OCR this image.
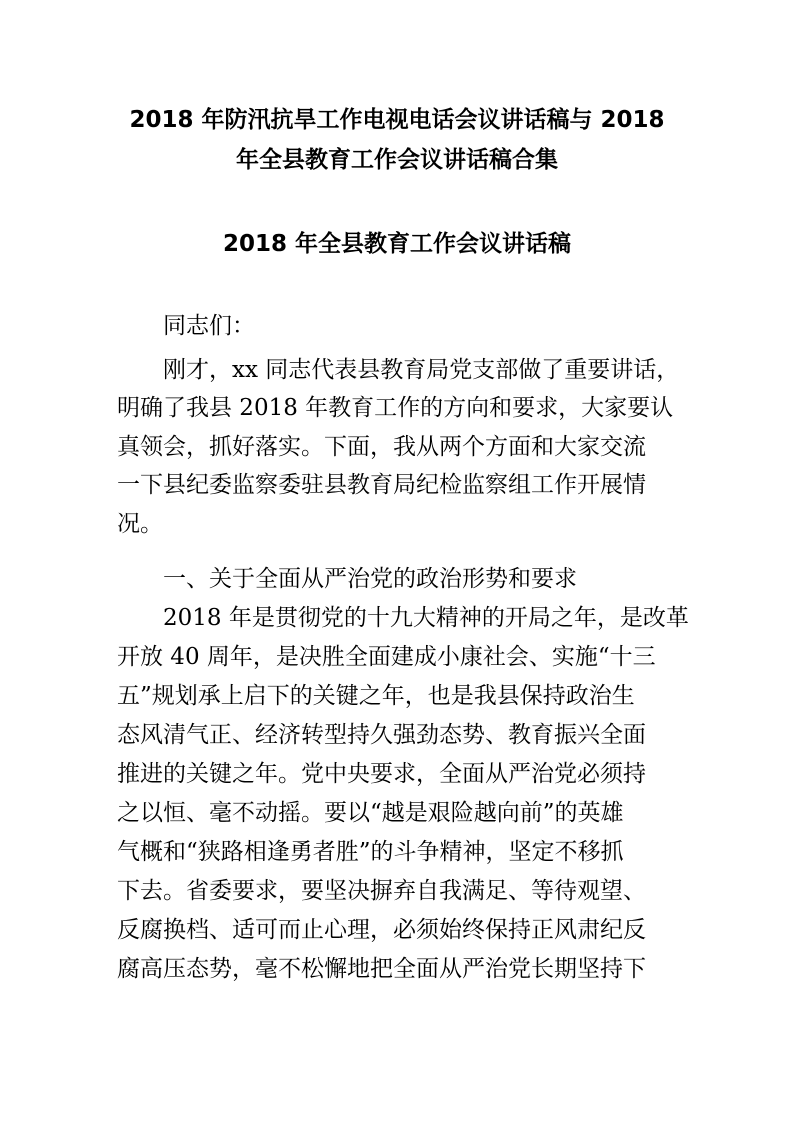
2018 年防汛抗旱工作电视电话会议讲话稿与 2018
年全县教育工作会议讲话稿合集
2018 年全县教育工作会议讲话稿

　　同志们：

　　刚才，xx 同志代表县教育局党支部做了重要讲话，

明确了我县 2018 年教育工作的方向和要求，大家要认

真领会，抓好落实。下面，我从两个方面和大家交流

一下县纪委监察委驻县教育局纪检监察组工作开展情

况。

　　一、关于全面从严治党的政治形势和要求

　　2018 年是贯彻党的十九大精神的开局之年，是改革

开放 40 周年，是决胜全面建成小康社会、实施“十三

五”规划承上启下的关键之年，也是我县保持政治生

态风清气正、经济转型持久强劲态势、教育振兴全面

推进的关键之年。党中央要求，全面从严治党必须持

之以恒、毫不动摇。要以“越是艰险越向前”的英雄

气概和“狭路相逢勇者胜”的斗争精神，坚定不移抓

下去。省委要求，要坚决摒弃自我满足、等待观望、

反腐换档、适可而止心理，必须始终保持正风肃纪反

腐高压态势，毫不松懈地把全面从严治党长期坚持下
